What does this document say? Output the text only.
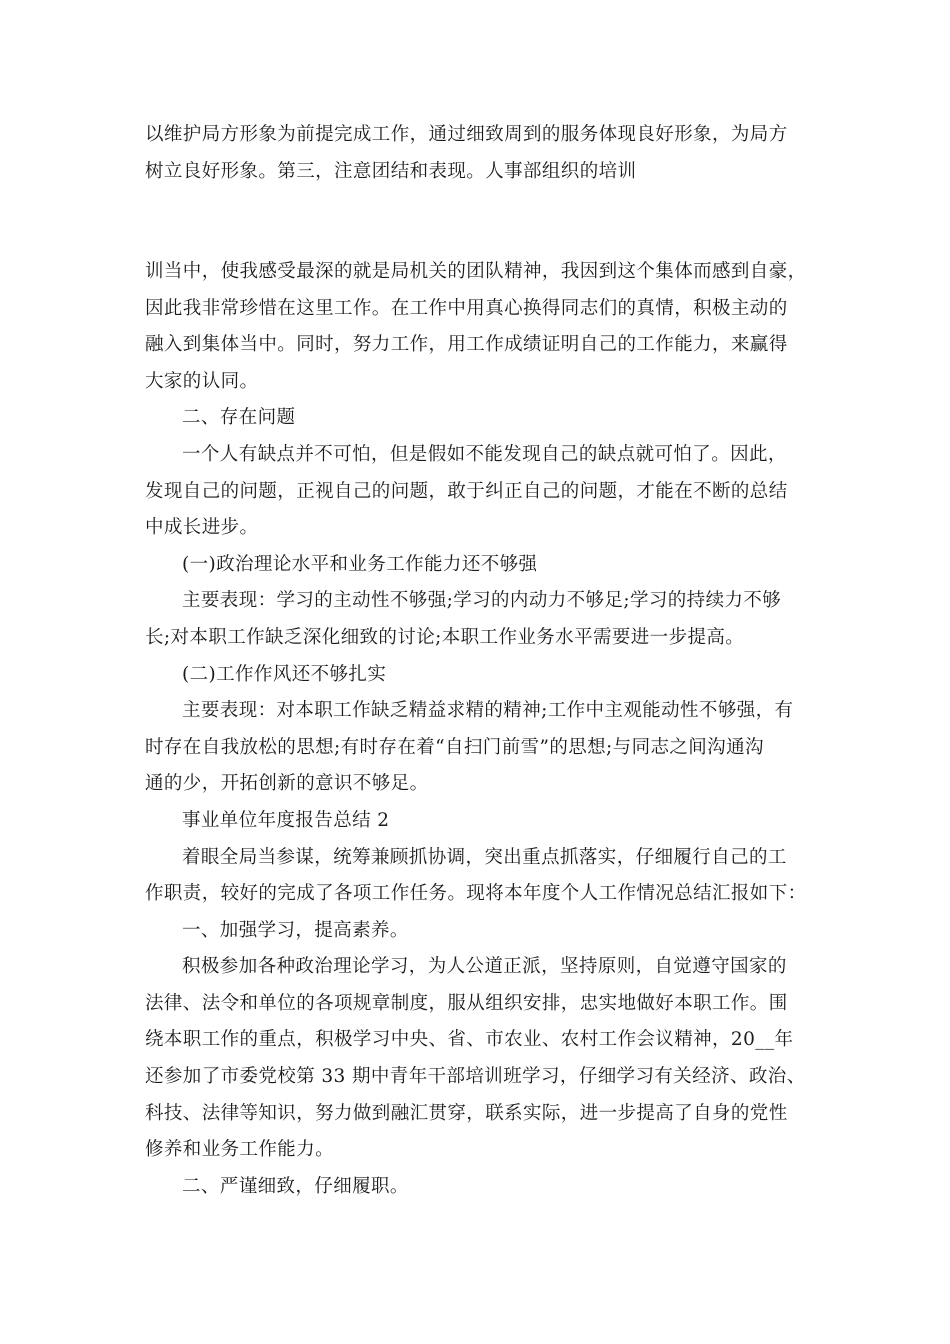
以维护局方形象为前提完成工作，通过细致周到的服务体现良好形象，为局方
树立良好形象。第三，注意团结和表现。人事部组织的培训
训当中，使我感受最深的就是局机关的团队精神，我因到这个集体而感到自豪，
因此我非常珍惜在这里工作。在工作中用真心换得同志们的真情，积极主动的
融入到集体当中。同时，努力工作，用工作成绩证明自己的工作能力，来赢得
大家的认同。
二、存在问题
一个人有缺点并不可怕，但是假如不能发现自己的缺点就可怕了。因此，
发现自己的问题，正视自己的问题，敢于纠正自己的问题，才能在不断的总结
中成长进步。
(一)政治理论水平和业务工作能力还不够强
主要表现：学习的主动性不够强;学习的内动力不够足;学习的持续力不够
长;对本职工作缺乏深化细致的讨论;本职工作业务水平需要进一步提高。
(二)工作作风还不够扎实
主要表现：对本职工作缺乏精益求精的精神;工作中主观能动性不够强，有
时存在自我放松的思想;有时存在着“自扫门前雪”的思想;与同志之间沟通沟
通的少，开拓创新的意识不够足。
事业单位年度报告总结 2
着眼全局当参谋，统筹兼顾抓协调，突出重点抓落实，仔细履行自己的工
作职责，较好的完成了各项工作任务。现将本年度个人工作情况总结汇报如下：
一、加强学习，提高素养。
积极参加各种政治理论学习，为人公道正派，坚持原则，自觉遵守国家的
法律、法令和单位的各项规章制度，服从组织安排，忠实地做好本职工作。围
绕本职工作的重点，积极学习中央、省、市农业、农村工作会议精神，20__年
还参加了市委党校第 33 期中青年干部培训班学习，仔细学习有关经济、政治、
科技、法律等知识，努力做到融汇贯穿，联系实际，进一步提高了自身的党性
修养和业务工作能力。
二、严谨细致，仔细履职。
